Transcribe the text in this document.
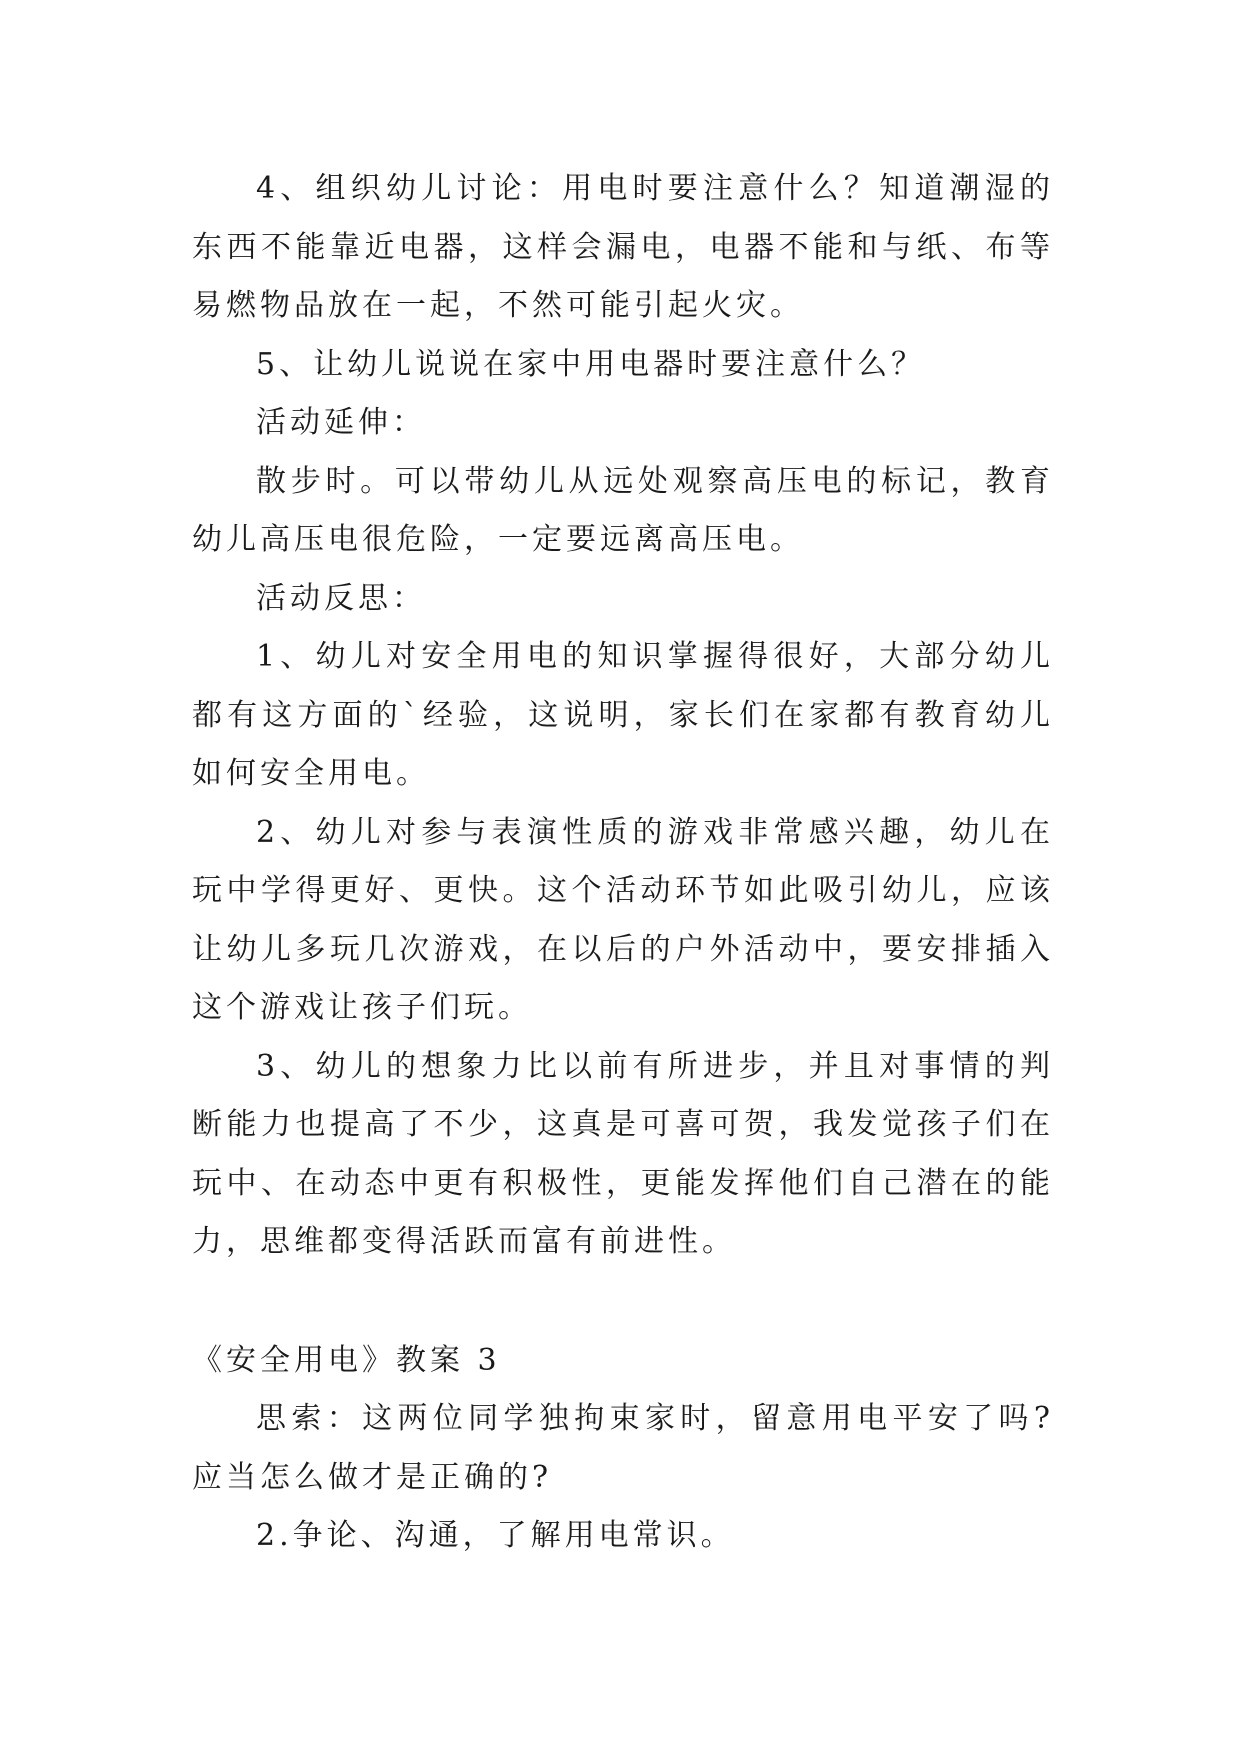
4、组织幼儿讨论：用电时要注意什么？知道潮湿的东西不能靠近电器，这样会漏电，电器不能和与纸、布等易燃物品放在一起，不然可能引起火灾。

5、让幼儿说说在家中用电器时要注意什么？

活动延伸：

散步时。可以带幼儿从远处观察高压电的标记，教育幼儿高压电很危险，一定要远离高压电。

活动反思：

1、幼儿对安全用电的知识掌握得很好，大部分幼儿都有这方面的`经验，这说明，家长们在家都有教育幼儿如何安全用电。

2、幼儿对参与表演性质的游戏非常感兴趣，幼儿在玩中学得更好、更快。这个活动环节如此吸引幼儿，应该让幼儿多玩几次游戏，在以后的户外活动中，要安排插入这个游戏让孩子们玩。

3、幼儿的想象力比以前有所进步，并且对事情的判断能力也提高了不少，这真是可喜可贺，我发觉孩子们在玩中、在动态中更有积极性，更能发挥他们自己潜在的能力，思维都变得活跃而富有前进性。

《安全用电》教案 3

思索：这两位同学独拘束家时，留意用电平安了吗?应当怎么做才是正确的?

2.争论、沟通，了解用电常识。
